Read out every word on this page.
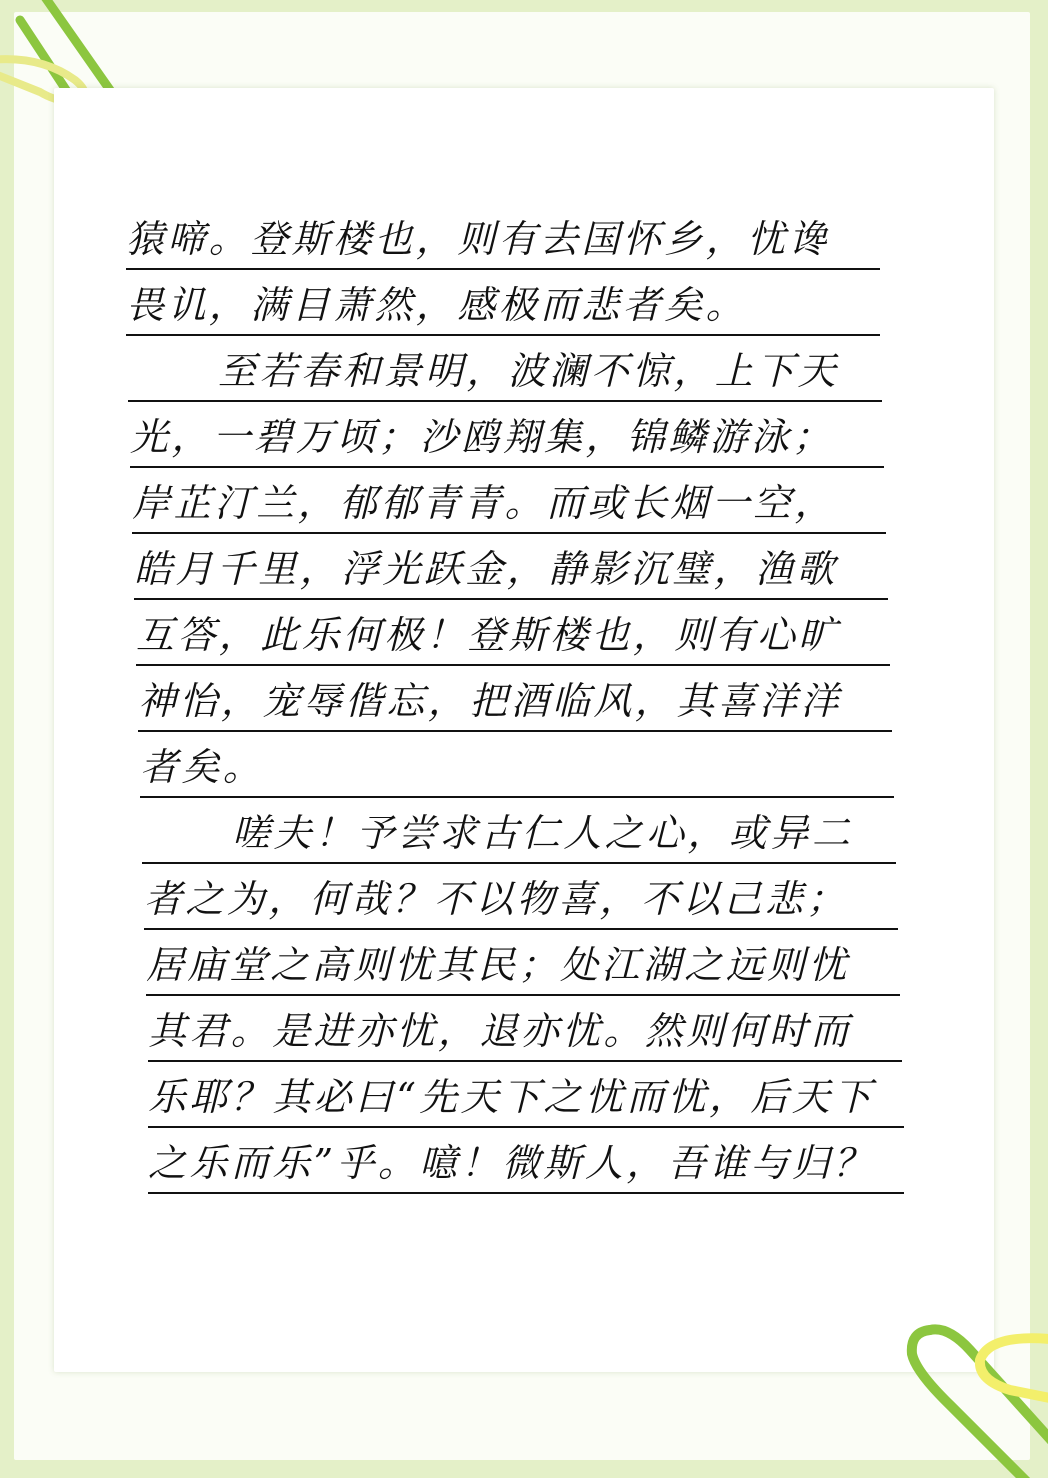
猿啼。登斯楼也，则有去国怀乡，忧谗
畏讥，满目萧然，感极而悲者矣。
至若春和景明，波澜不惊，上下天
光，一碧万顷；沙鸥翔集，锦鳞游泳；
岸芷汀兰，郁郁青青。而或长烟一空，
皓月千里，浮光跃金，静影沉璧，渔歌
互答，此乐何极！登斯楼也，则有心旷
神怡，宠辱偕忘，把酒临风，其喜洋洋
者矣。
嗟夫！予尝求古仁人之心，或异二
者之为，何哉？不以物喜，不以己悲；
居庙堂之高则忧其民；处江湖之远则忧
其君。是进亦忧，退亦忧。然则何时而
乐耶？其必曰“先天下之忧而忧，后天下
之乐而乐”乎。噫！微斯人，吾谁与归？
